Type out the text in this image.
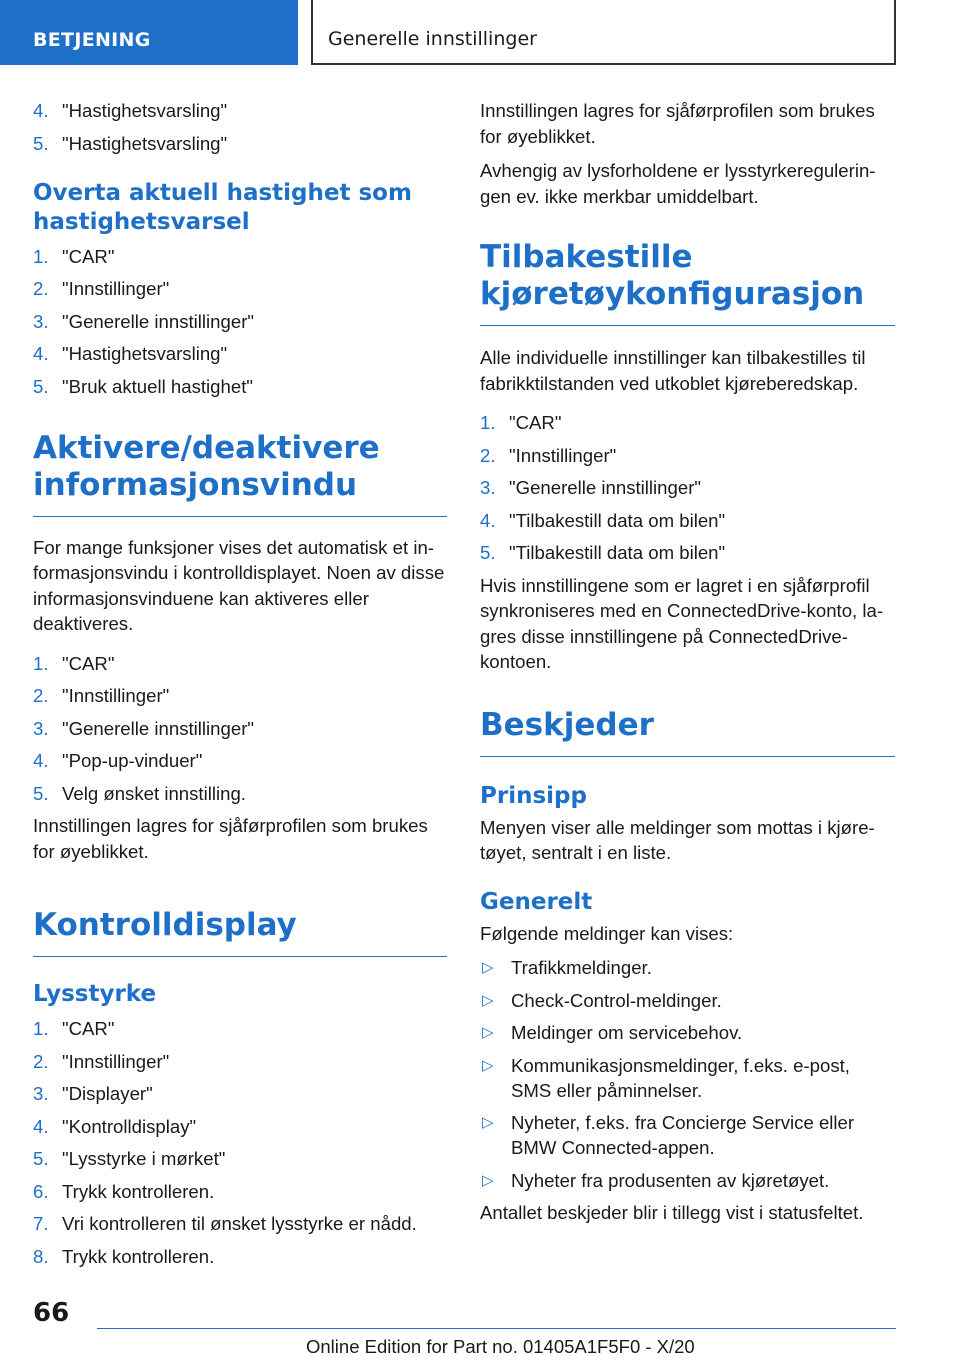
BETJENING	Generelle innstillinger
4. "Hastighetsvarsling"
5. "Hastighetsvarsling"
Overta aktuell hastighet som hastighetsvarsel
1. "CAR"
2. "Innstillinger"
3. "Generelle innstillinger"
4. "Hastighetsvarsling"
5. "Bruk aktuell hastighet"
Aktivere/deaktivere informasjonsvindu

For mange funksjoner vises det automatisk et in-formasjonsvindu i kontrolldisplayet. Noen av disse informasjonsvinduene kan aktiveres eller deaktiveres.

1. "CAR"
2. "Innstillinger"
3. "Generelle innstillinger"
4. "Pop-up-vinduer"
5. Velg ønsket innstilling.

Innstillingen lagres for sjåførprofilen som brukes for øyeblikket.

Kontrolldisplay
Lysstyrke
1. "CAR"
2. "Innstillinger"
3. "Displayer"
4. "Kontrolldisplay"
5. "Lysstyrke i mørket"
6. Trykk kontrolleren.
7. Vri kontrolleren til ønsket lysstyrke er nådd.
8. Trykk kontrolleren.

Innstillingen lagres for sjåførprofilen som brukes for øyeblikket.

Avhengig av lysforholdene er lysstyrkeregulerin-gen ev. ikke merkbar umiddelbart.

Tilbakestille kjøretøykonfigurasjon

Alle individuelle innstillinger kan tilbakestilles til fabrikktilstanden ved utkoblet kjøreberedskap.

1. "CAR"
2. "Innstillinger"
3. "Generelle innstillinger"
4. "Tilbakestill data om bilen"
5. "Tilbakestill data om bilen"

Hvis innstillingene som er lagret i en sjåførprofil synkroniseres med en ConnectedDrive-konto, la-gres disse innstillingene på ConnectedDrive-kontoen.

Beskjeder
Prinsipp

Menyen viser alle meldinger som mottas i kjøre-tøyet, sentralt i en liste.

Generelt

Følgende meldinger kan vises:

▷ Trafikkmeldinger.
▷ Check-Control-meldinger.
▷ Meldinger om servicebehov.
▷ Kommunikasjonsmeldinger, f.eks. e-post, SMS eller påminnelser.
▷ Nyheter, f.eks. fra Concierge Service eller BMW Connected-appen.
▷ Nyheter fra produsenten av kjøretøyet.

Antallet beskjeder blir i tillegg vist i statusfeltet.

66
Online Edition for Part no. 01405A1F5F0 - X/20
